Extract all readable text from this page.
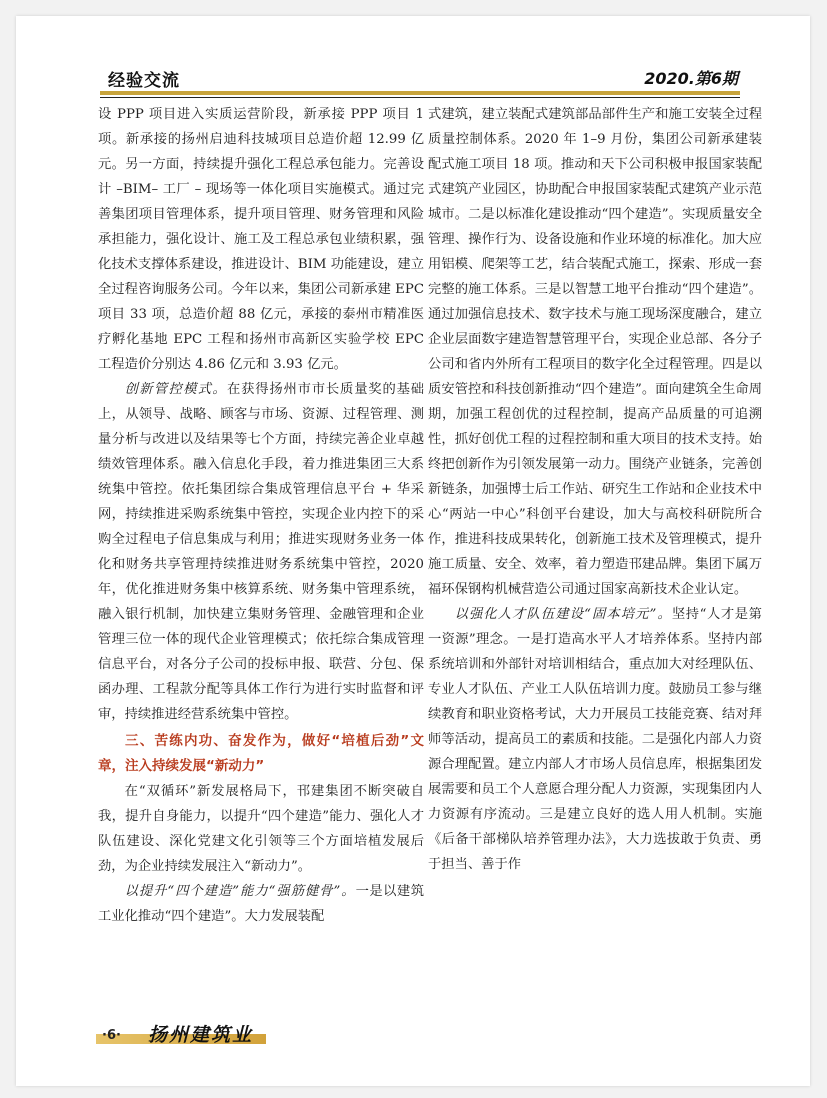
经验交流	2020.第6期

设 PPP 项目进入实质运营阶段，新承接 PPP 项目 1 项。新承接的扬州启迪科技城项目总造价超 12.99 亿元。另一方面，持续提升强化工程总承包能力。完善设计 –BIM– 工厂 – 现场等一体化项目实施模式。通过完善集团项目管理体系，提升项目管理、财务管理和风险承担能力，强化设计、施工及工程总承包业绩积累，强化技术支撑体系建设，推进设计、BIM 功能建设，建立全过程咨询服务公司。今年以来，集团公司新承建 EPC 项目 33 项，总造价超 88 亿元，承接的泰州市精准医疗孵化基地 EPC 工程和扬州市高新区实验学校 EPC 工程造价分别达 4.86 亿元和 3.93 亿元。

创新管控模式。在获得扬州市市长质量奖的基础上，从领导、战略、顾客与市场、资源、过程管理、测量分析与改进以及结果等七个方面，持续完善企业卓越绩效管理体系。融入信息化手段，着力推进集团三大系统集中管控。依托集团综合集成管理信息平台 + 华采网，持续推进采购系统集中管控，实现企业内控下的采购全过程电子信息集成与利用；推进实现财务业务一体化和财务共享管理持续推进财务系统集中管控，2020 年，优化推进财务集中核算系统、财务集中管理系统，融入银行机制，加快建立集财务管理、金融管理和企业管理三位一体的现代企业管理模式；依托综合集成管理信息平台，对各分子公司的投标申报、联营、分包、保函办理、工程款分配等具体工作行为进行实时监督和评审，持续推进经营系统集中管控。

三、苦练内功、奋发作为，做好“培植后劲”文章，注入持续发展“新动力”

在“双循环”新发展格局下，邗建集团不断突破自我，提升自身能力，以提升“四个建造”能力、强化人才队伍建设、深化党建文化引领等三个方面培植发展后劲，为企业持续发展注入“新动力”。

以提升“四个建造”能力“强筋健骨”。一是以建筑工业化推动“四个建造”。大力发展装配

式建筑，建立装配式建筑部品部件生产和施工安装全过程质量控制体系。2020 年 1–9 月份，集团公司新承建装配式施工项目 18 项。推动和天下公司积极申报国家装配式建筑产业园区，协助配合申报国家装配式建筑产业示范城市。二是以标准化建设推动“四个建造”。实现质量安全管理、操作行为、设备设施和作业环境的标准化。加大应用铝模、爬架等工艺，结合装配式施工，探索、形成一套完整的施工体系。三是以智慧工地平台推动“四个建造”。通过加强信息技术、数字技术与施工现场深度融合，建立企业层面数字建造智慧管理平台，实现企业总部、各分子公司和省内外所有工程项目的数字化全过程管理。四是以质安管控和科技创新推动“四个建造”。面向建筑全生命周期，加强工程创优的过程控制，提高产品质量的可追溯性，抓好创优工程的过程控制和重大项目的技术支持。始终把创新作为引领发展第一动力。围绕产业链条，完善创新链条，加强博士后工作站、研究生工作站和企业技术中心“两站一中心”科创平台建设，加大与高校科研院所合作，推进科技成果转化，创新施工技术及管理模式，提升施工质量、安全、效率，着力塑造邗建品牌。集团下属万福环保钢构机械营造公司通过国家高新技术企业认定。

以强化人才队伍建设“固本培元”。坚持“人才是第一资源”理念。一是打造高水平人才培养体系。坚持内部系统培训和外部针对培训相结合，重点加大对经理队伍、专业人才队伍、产业工人队伍培训力度。鼓励员工参与继续教育和职业资格考试，大力开展员工技能竞赛、结对拜师等活动，提高员工的素质和技能。二是强化内部人力资源合理配置。建立内部人才市场人员信息库，根据集团发展需要和员工个人意愿合理分配人力资源，实现集团内人力资源有序流动。三是建立良好的选人用人机制。实施《后备干部梯队培养管理办法》，大力选拔敢于负责、勇于担当、善于作

·6· 扬州建筑业
